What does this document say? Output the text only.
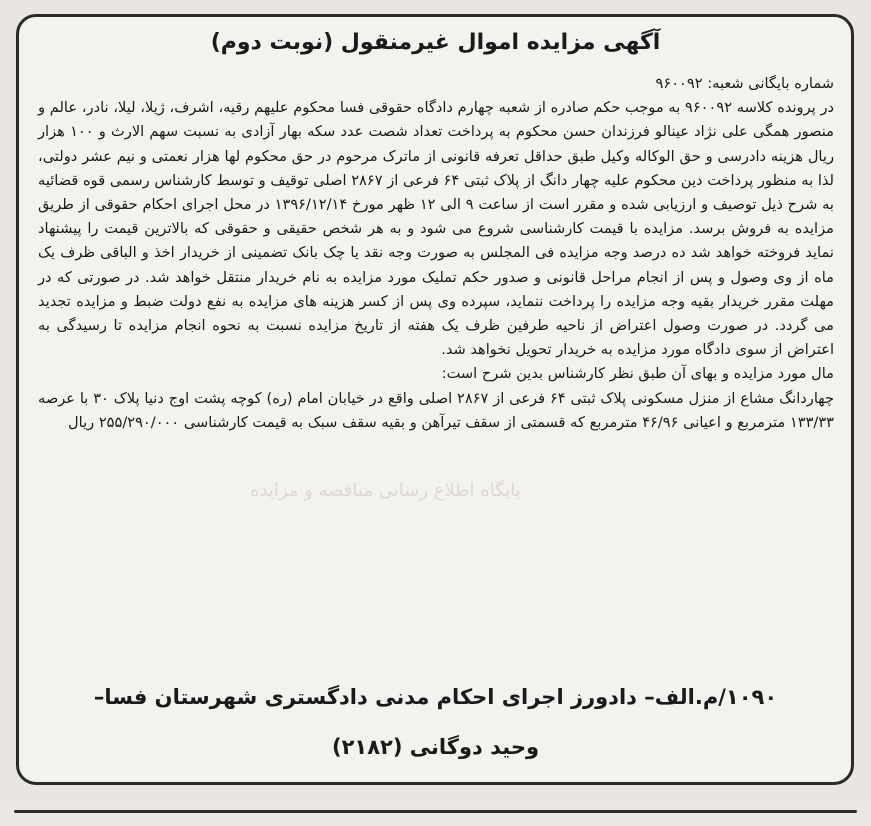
آگهی مزایده اموال غیرمنقول (نوبت دوم)
پایگاه اطلاع رسانی مناقصه و مزایده

شماره بایگانی شعبه: ۹۶۰۰۹۲

در پرونده کلاسه ۹۶۰۰۹۲ به موجب حکم صادره از شعبه چهارم دادگاه حقوقی فسا محکوم علیهم رقیه، اشرف، ژیلا، لیلا، نادر، عالم و منصور همگی علی نژاد عینالو فرزندان حسن محکوم به پرداخت تعداد شصت عدد سکه بهار آزادی به نسبت سهم الارث و ۱۰۰ هزار ریال هزینه دادرسی و حق الوکاله وکیل طبق حداقل تعرفه قانونی از ماترک مرحوم در حق محکوم لها هزار نعمتی و نیم عشر دولتی، لذا به منظور پرداخت دین محکوم علیه چهار دانگ از پلاک ثبتی ۶۴ فرعی از ۲۸۶۷ اصلی توقیف و توسط کارشناس رسمی قوه قضائیه به شرح ذیل توصیف و ارزیابی شده و مقرر است از ساعت ۹ الی ۱۲ ظهر مورخ ۱۳۹۶/۱۲/۱۴ در محل اجرای احکام حقوقی از طریق مزایده به فروش برسد. مزایده با قیمت کارشناسی شروع می شود و به هر شخص حقیقی و حقوقی که بالاترین قیمت را پیشنهاد نماید فروخته خواهد شد ده درصد وجه مزایده فی المجلس به صورت وجه نقد یا چک بانک تضمینی از خریدار اخذ و الباقی ظرف یک ماه از وی وصول و پس از انجام مراحل قانونی و صدور حکم تملیک مورد مزایده به نام خریدار منتقل خواهد شد. در صورتی که در مهلت مقرر خریدار بقیه وجه مزایده را پرداخت ننماید، سپرده وی پس از کسر هزینه های مزایده به نفع دولت ضبط و مزایده تجدید می گردد. در صورت وصول اعتراض از ناحیه طرفین ظرف یک هفته از تاریخ مزایده نسبت به نحوه انجام مزایده تا رسیدگی به اعتراض از سوی دادگاه مورد مزایده به خریدار تحویل نخواهد شد.

مال مورد مزایده و بهای آن طبق نظر کارشناس بدین شرح است:

چهاردانگ مشاع از منزل مسکونی پلاک ثبتی ۶۴ فرعی از ۲۸۶۷ اصلی واقع در خیابان امام (ره) کوچه پشت اوج دنیا پلاک ۳۰ با عرصه ۱۳۳/۳۳ مترمربع و اعیانی ۴۶/۹۶ مترمربع که قسمتی از سقف تیرآهن و بقیه سقف سبک به قیمت کارشناسی ۲۵۵/۲۹۰/۰۰۰ ریال

۱۰۹۰/م.الف– دادورز اجرای احکام مدنی دادگستری شهرستان فسا–

وحید دوگانی (۲۱۸۲)
